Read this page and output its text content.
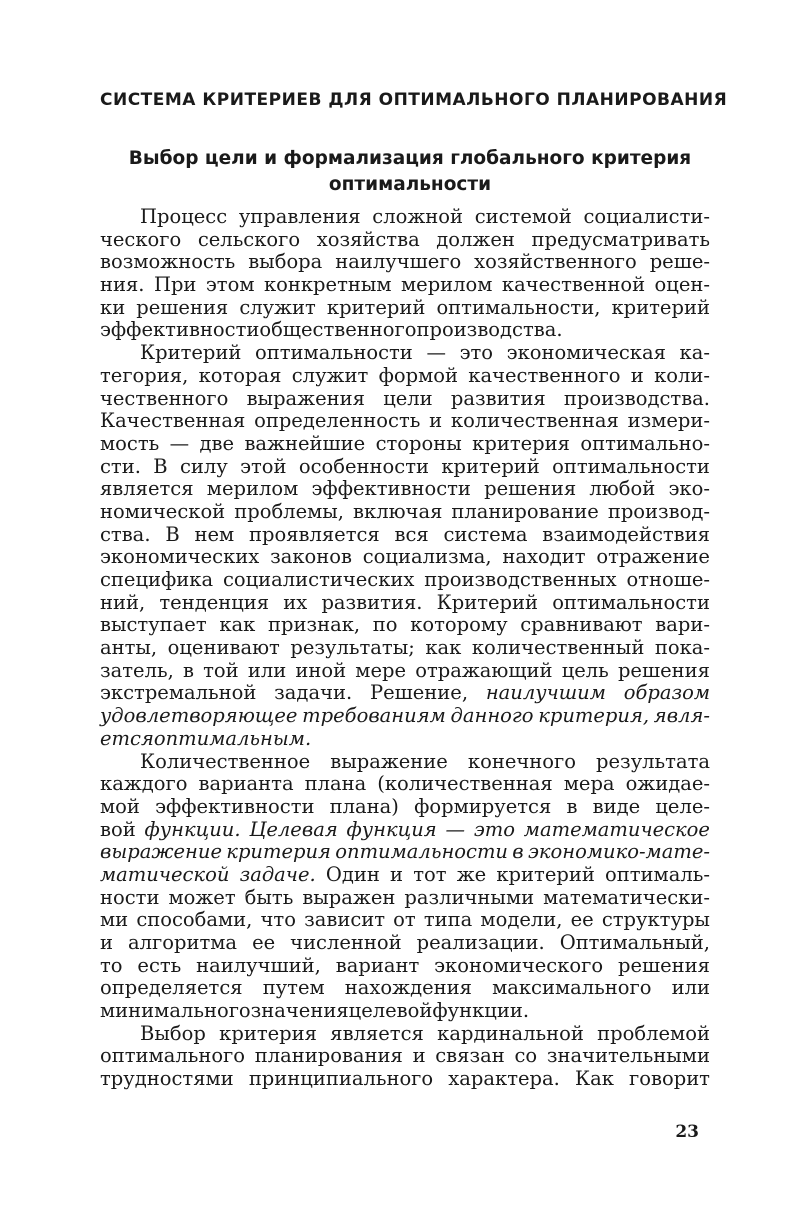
СИСТЕМА КРИТЕРИЕВ ДЛЯ ОПТИМАЛЬНОГО ПЛАНИРОВАНИЯ
Выбор цели и формализация глобального критерия
оптимальности
Процесс управления сложной системой социалисти-
ческого сельского хозяйства должен предусматривать
возможность выбора наилучшего хозяйственного реше-
ния. При этом конкретным мерилом качественной оцен-
ки решения служит критерий оптимальности, критерий
эффективности общественного производства.
Критерий оптимальности — это экономическая ка-
тегория, которая служит формой качественного и коли-
чественного выражения цели развития производства.
Качественная определенность и количественная измери-
мость — две важнейшие стороны критерия оптимально-
сти. В силу этой особенности критерий оптимальности
является мерилом эффективности решения любой эко-
номической проблемы, включая планирование производ-
ства. В нем проявляется вся система взаимодействия
экономических законов социализма, находит отражение
специфика социалистических производственных отноше-
ний, тенденция их развития. Критерий оптимальности
выступает как признак, по которому сравнивают вари-
анты, оценивают результаты; как количественный пока-
затель, в той или иной мере отражающий цель решения
экстремальной задачи. Решение, наилучшим образом
удовлетворяющее требованиям данного критерия, явля-
ется оптимальным.
Количественное выражение конечного результата
каждого варианта плана (количественная мера ожидае-
мой эффективности плана) формируется в виде целе-
вой функции. Целевая функция — это математическое
выражение критерия оптимальности в экономико-мате-
матической задаче. Один и тот же критерий оптималь-
ности может быть выражен различными математически-
ми способами, что зависит от типа модели, ее структуры
и алгоритма ее численной реализации. Оптимальный,
то есть наилучший, вариант экономического решения
определяется путем нахождения максимального или
минимального значения целевой функции.
Выбор критерия является кардинальной проблемой
оптимального планирования и связан со значительными
трудностями принципиального характера. Как говорит
23
